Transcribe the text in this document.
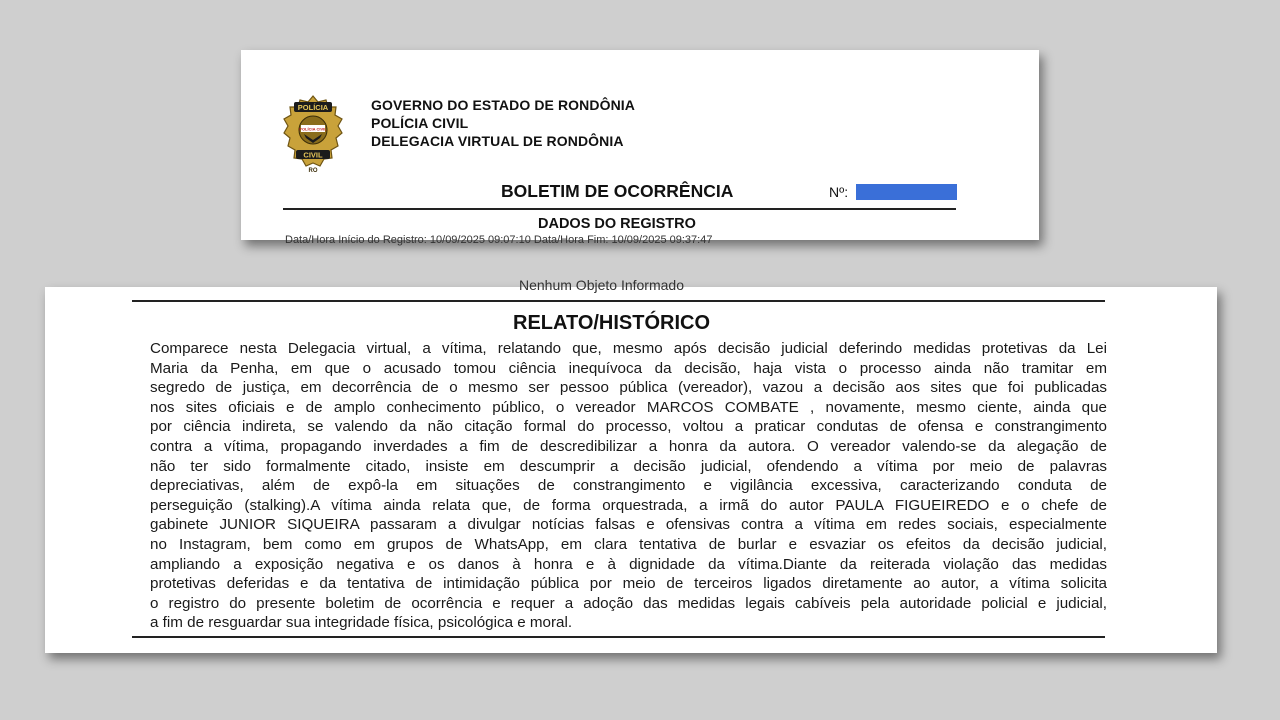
POLÍCIA
POLÍCIA CIVIL
CIVIL
RO
GOVERNO DO ESTADO DE RONDÔNIA
POLÍCIA CIVIL
DELEGACIA VIRTUAL DE RONDÔNIA
BOLETIM DE OCORRÊNCIA	Nº:
DADOS DO REGISTRO
Data/Hora Início do Registro: 10/09/2025 09:07:10 Data/Hora Fim: 10/09/2025 09:37:47
Nenhum Objeto Informado
RELATO/HISTÓRICO
Comparece nesta Delegacia virtual, a vítima, relatando que, mesmo após decisão judicial deferindo medidas protetivas da Lei
Maria da Penha, em que o acusado tomou ciência inequívoca da decisão, haja vista o processo ainda não tramitar em
segredo de justiça, em decorrência de o mesmo ser pessoo pública (vereador), vazou a decisão aos sites que foi publicadas
nos sites oficiais e de amplo conhecimento público, o vereador MARCOS COMBATE , novamente, mesmo ciente, ainda que
por ciência indireta, se valendo da não citação formal do processo, voltou a praticar condutas de ofensa e constrangimento
contra a vítima, propagando inverdades a fim de descredibilizar a honra da autora. O vereador valendo-se da alegação de
não ter sido formalmente citado, insiste em descumprir a decisão judicial, ofendendo a vítima por meio de palavras
depreciativas, além de expô-la em situações de constrangimento e vigilância excessiva, caracterizando conduta de
perseguição (stalking).A vítima ainda relata que, de forma orquestrada, a irmã do autor PAULA FIGUEIREDO e o chefe de
gabinete JUNIOR SIQUEIRA passaram a divulgar notícias falsas e ofensivas contra a vítima em redes sociais, especialmente
no Instagram, bem como em grupos de WhatsApp, em clara tentativa de burlar e esvaziar os efeitos da decisão judicial,
ampliando a exposição negativa e os danos à honra e à dignidade da vítima.Diante da reiterada violação das medidas
protetivas deferidas e da tentativa de intimidação pública por meio de terceiros ligados diretamente ao autor, a vítima solicita
o registro do presente boletim de ocorrência e requer a adoção das medidas legais cabíveis pela autoridade policial e judicial,
a fim de resguardar sua integridade física, psicológica e moral.
